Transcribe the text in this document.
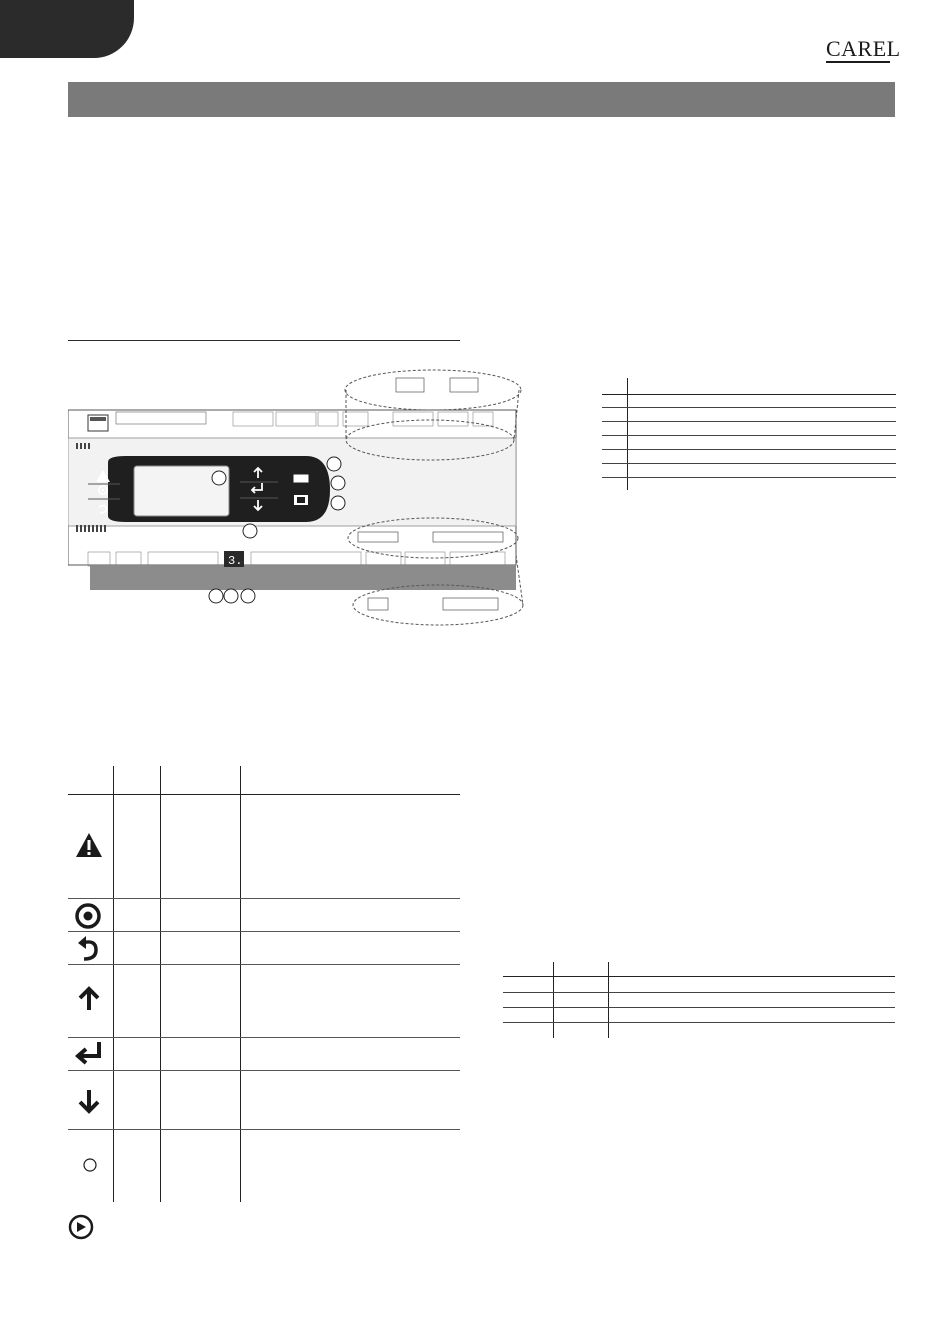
CAREL
3.
